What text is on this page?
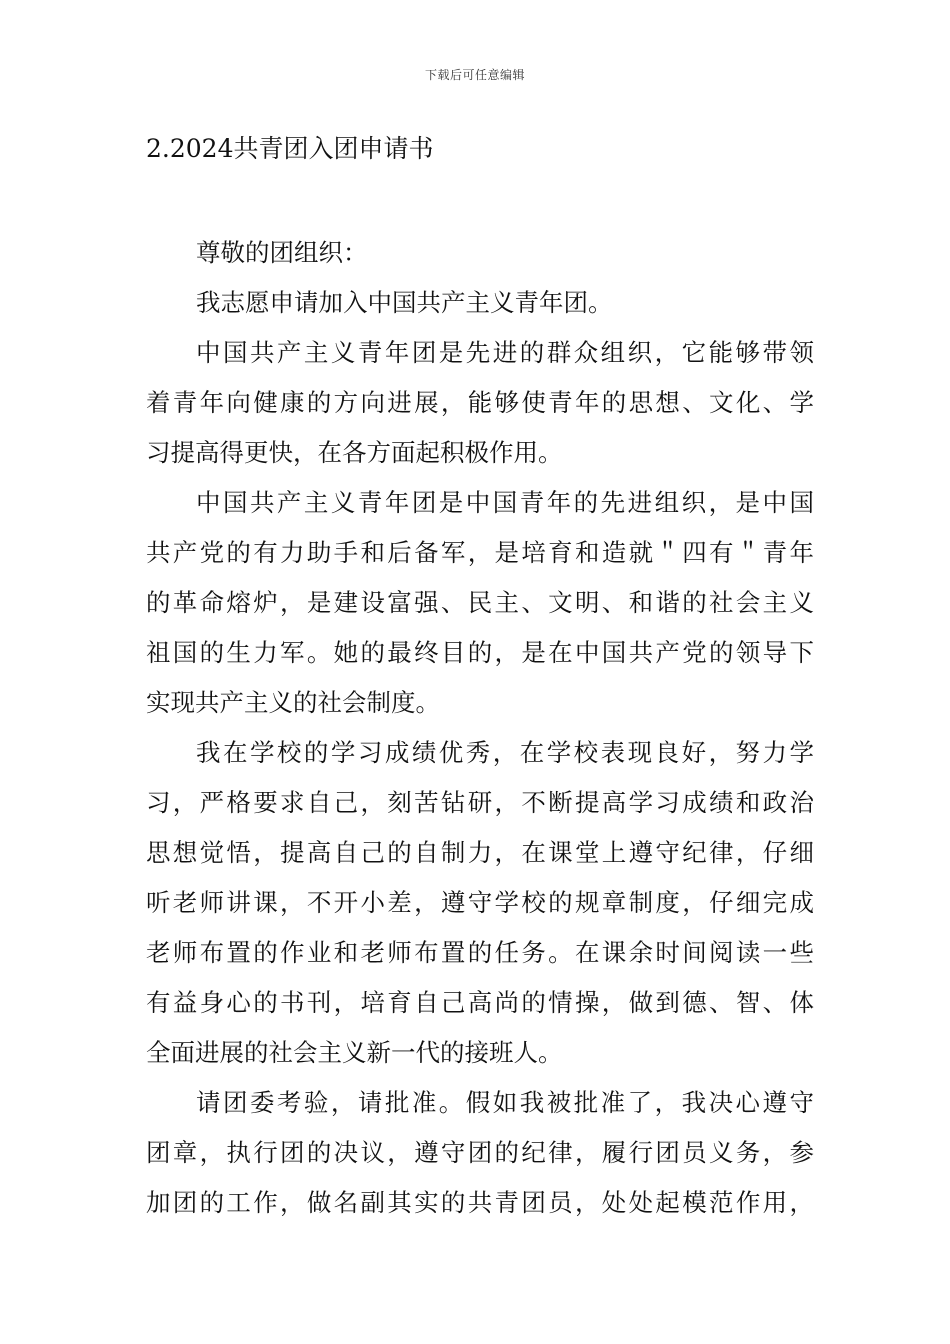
下载后可任意编辑
2.2024共青团入团申请书
尊敬的团组织：
我志愿申请加入中国共产主义青年团。
中国共产主义青年团是先进的群众组织，它能够带领
着青年向健康的方向进展，能够使青年的思想、文化、学
习提高得更快，在各方面起积极作用。
中国共产主义青年团是中国青年的先进组织，是中国
共产党的有力助手和后备军，是培育和造就＂四有＂青年
的革命熔炉，是建设富强、民主、文明、和谐的社会主义
祖国的生力军。她的最终目的，是在中国共产党的领导下
实现共产主义的社会制度。
我在学校的学习成绩优秀，在学校表现良好，努力学
习，严格要求自己，刻苦钻研，不断提高学习成绩和政治
思想觉悟，提高自己的自制力，在课堂上遵守纪律，仔细
听老师讲课，不开小差，遵守学校的规章制度，仔细完成
老师布置的作业和老师布置的任务。在课余时间阅读一些
有益身心的书刊，培育自己高尚的情操，做到德、智、体
全面进展的社会主义新一代的接班人。
请团委考验，请批准。假如我被批准了，我决心遵守
团章，执行团的决议，遵守团的纪律，履行团员义务，参
加团的工作，做名副其实的共青团员，处处起模范作用，
